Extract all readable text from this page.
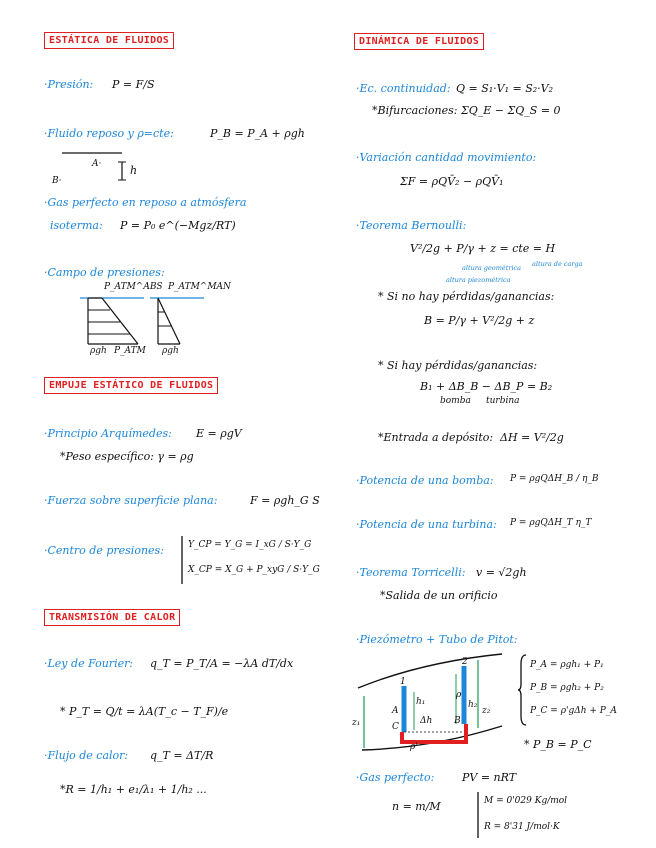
ESTÁTICA DE FLUIDOS
·Presión: P = F/S
·Fluido reposo y ρ=cte:	P_B = P_A + ρgh
A·
B·
h
·Gas perfecto en reposo a atmósfera
isoterma: P = P₀ e^(−Mgz/RT)
·Campo de presiones:
P_ATM^ABS P_ATM^MAN
ρgh P_ATM ρgh
EMPUJE ESTÁTICO DE FLUIDOS
·Principio Arquímedes: E = ρgV
*Peso específico: γ = ρg
·Fuerza sobre superficie plana:	F = ρgh_G S
·Centro de presiones:	Y_CP = Y_G = I_xG / S·Y_G
X_CP = X_G + P_xyG / S·Y_G
TRANSMISIÓN DE CALOR
·Ley de Fourier: q_T = P_T/A = −λA dT/dx
* P_T = Q/t = λA(T_c − T_F)/e
·Flujo de calor: q_T = ΔT/R
*R = 1/h₁ + e₁/λ₁ + 1/h₂ ...
DINÁMICA DE FLUIDOS
·Ec. continuidad: Q = S₁·V₁ = S₂·V₂
*Bifurcaciones: ΣQ_E − ΣQ_S = 0
·Variación cantidad movimiento:
ΣF = ρQV̄₂ − ρQV̄₁
·Teorema Bernoulli:
V²/2g + P/γ + z = cte = H
altura geométrica altura de carga
altura piezométrica
* Si no hay pérdidas/ganancias:
B = P/γ + V²/2g + z
* Si hay pérdidas/ganancias:
B₁ + ΔB_B − ΔB_P = B₂
bomba turbina
*Entrada a depósito: ΔH = V²/2g
·Potencia de una bomba: P = ρgQΔH_B / η_B
·Potencia de una turbina: P = ρgQΔH_T η_T
·Teorema Torricelli: v = √2gh
*Salida de un orificio
·Piezómetro + Tubo de Pitot:
1
2
A
C
B
z₁
z₂
h₁	h₂
Δh
ρ
ρ'
P_A = ρgh₁ + P₁
P_B = ρgh₂ + P₂
P_C = ρ'gΔh + P_A
* P_B = P_C
·Gas perfecto:	PV = nRT
n = m/M	M = 0'029 Kg/mol
R = 8'31 J/mol·K
